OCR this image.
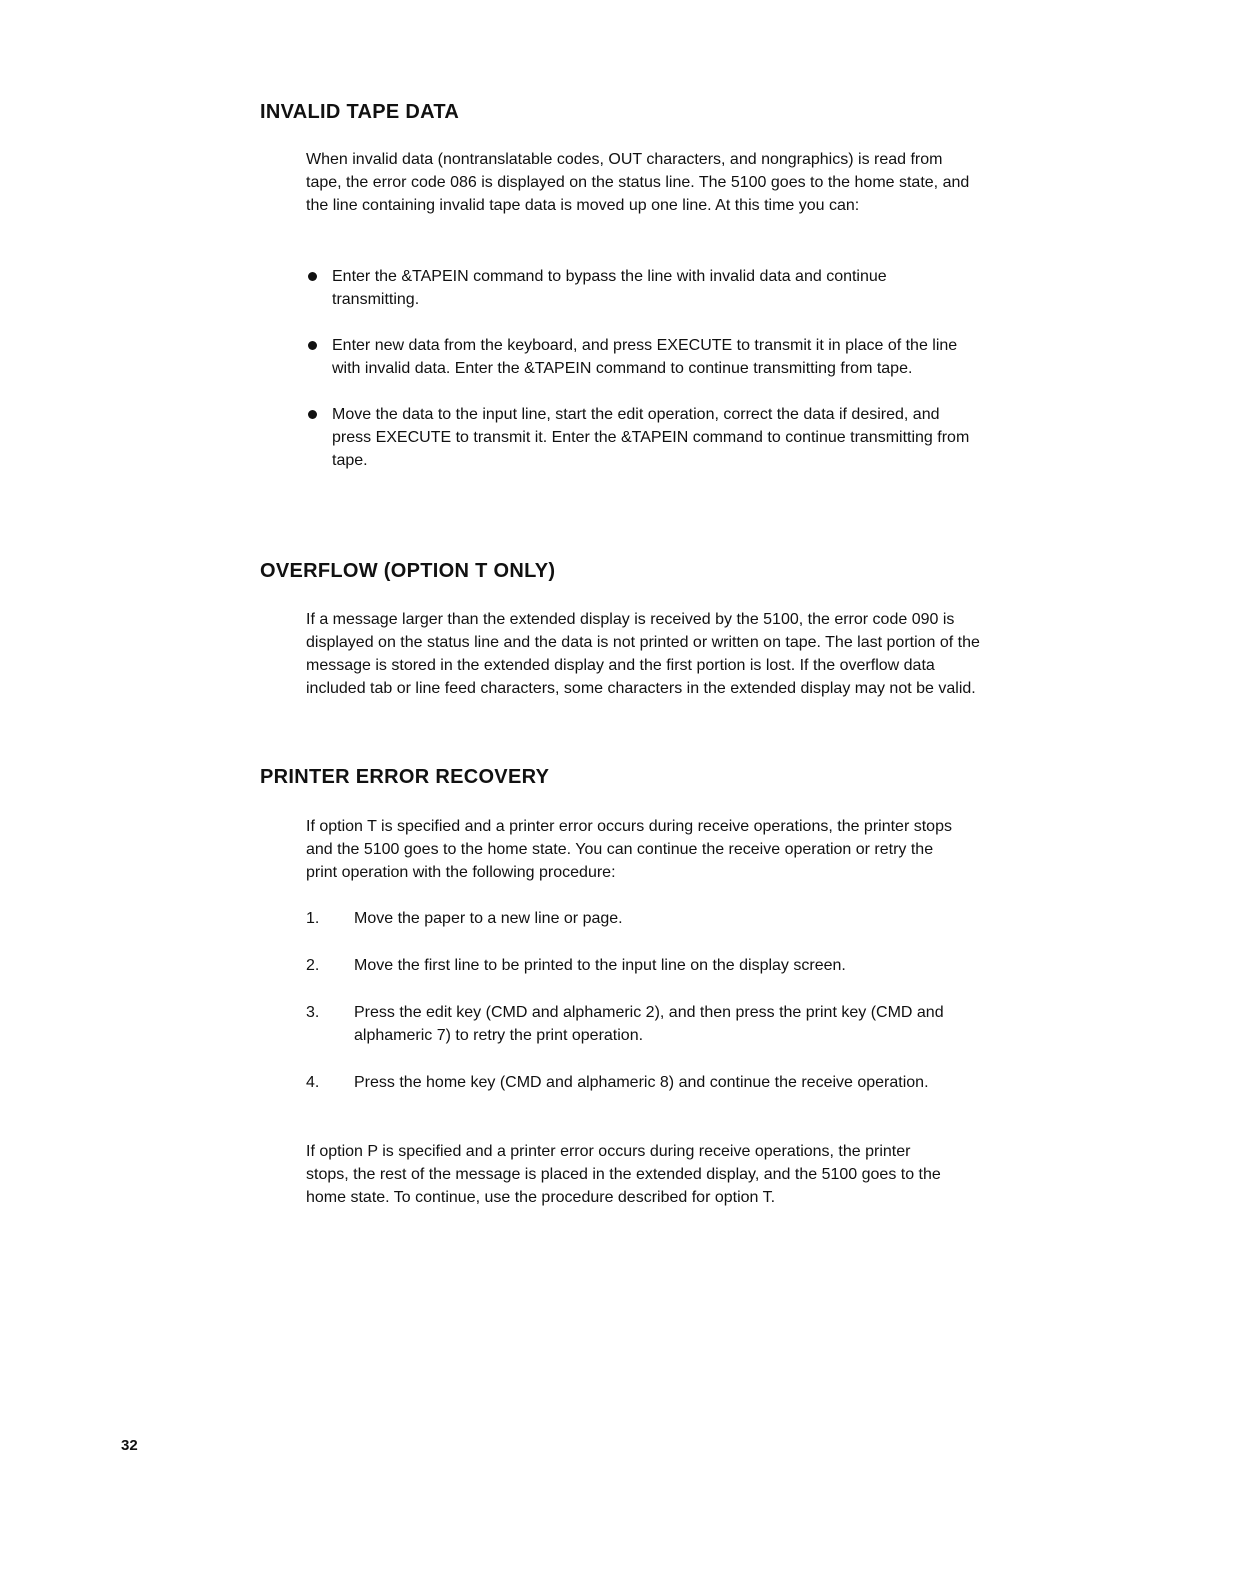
INVALID TAPE DATA

When invalid data (nontranslatable codes, OUT characters, and nongraphics) is read from tape, the error code 086 is displayed on the status line. The 5100 goes to the home state, and the line containing invalid tape data is moved up one line. At this time you can:

Enter the &TAPEIN command to bypass the line with invalid data and continue transmitting.
Enter new data from the keyboard, and press EXECUTE to transmit it in place of the line with invalid data. Enter the &TAPEIN command to continue transmitting from tape.
Move the data to the input line, start the edit operation, correct the data if desired, and press EXECUTE to transmit it. Enter the &TAPEIN command to continue transmitting from tape.
OVERFLOW (OPTION T ONLY)

If a message larger than the extended display is received by the 5100, the error code 090 is displayed on the status line and the data is not printed or written on tape. The last portion of the message is stored in the extended display and the first portion is lost. If the overflow data included tab or line feed characters, some characters in the extended display may not be valid.

PRINTER ERROR RECOVERY

If option T is specified and a printer error occurs during receive operations, the printer stops and the 5100 goes to the home state. You can continue the receive operation or retry the print operation with the following procedure:

1. Move the paper to a new line or page.
2. Move the first line to be printed to the input line on the display screen.
3. Press the edit key (CMD and alphameric 2), and then press the print key (CMD and alphameric 7) to retry the print operation.
4. Press the home key (CMD and alphameric 8) and continue the receive operation.

If option P is specified and a printer error occurs during receive operations, the printer stops, the rest of the message is placed in the extended display, and the 5100 goes to the home state. To continue, use the procedure described for option T.

32
